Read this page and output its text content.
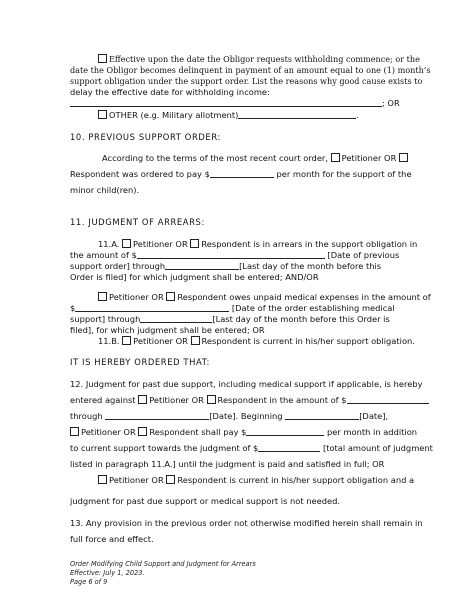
Effective upon the date the Obligor requests withholding commence; or the
date the Obligor becomes delinquent in payment of an amount equal to one (1) month’s
support obligation under the support order. List the reasons why good cause exists to
delay the effective date for withholding income:
; OR
OTHER (e.g. Military allotment)	.
10. PREVIOUS SUPPORT ORDER:
According to the terms of the most recent court order, Petitioner OR
Respondent was ordered to pay $	per month for the support of the
minor child(ren).
11. JUDGMENT OF ARREARS:
11.A. Petitioner OR Respondent is in arrears in the support obligation in
the amount of $	[Date of previous
support order] through	[Last day of the month before this
Order is filed] for which judgment shall be entered; AND/OR
Petitioner OR Respondent owes unpaid medical expenses in the amount of
$	[Date of the order establishing medical
support] through	[Last day of the month before this Order is
filed], for which judgment shall be entered; OR
11.B. Petitioner OR Respondent is current in his/her support obligation.
IT IS HEREBY ORDERED THAT:
12. Judgment for past due support, including medical support if applicable, is hereby
entered against Petitioner OR Respondent in the amount of $
through	[Date]. Beginning	[Date],
Petitioner OR Respondent shall pay $	per month in addition
to current support towards the judgment of $	[total amount of judgment
listed in paragraph 11.A.] until the judgment is paid and satisfied in full; OR
Petitioner OR Respondent is current in his/her support obligation and a
judgment for past due support or medical support is not needed.
13. Any provision in the previous order not otherwise modified herein shall remain in
full force and effect.
Order Modifying Child Support and Judgment for Arrears
Effective: July 1, 2023.
Page 6 of 9
